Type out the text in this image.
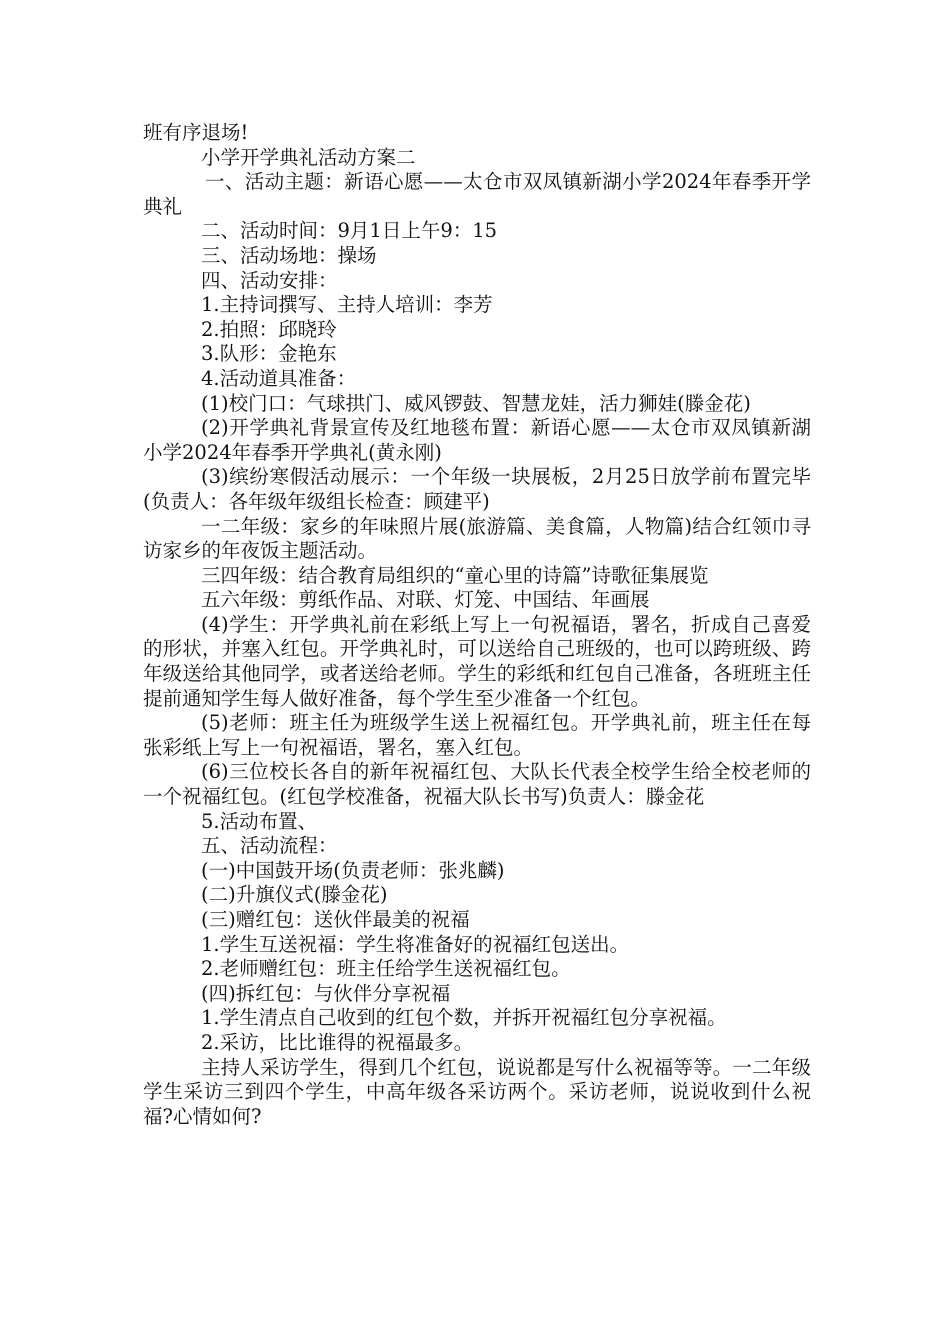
班有序退场!

小学开学典礼活动方案二

一、活动主题：新语心愿——太仓市双凤镇新湖小学2024年春季开学典礼

二、活动时间：9月1日上午9：15

三、活动场地：操场

四、活动安排：

1.主持词撰写、主持人培训：李芳

2.拍照：邱晓玲

3.队形：金艳东

4.活动道具准备：

(1)校门口：气球拱门、威风锣鼓、智慧龙娃，活力狮娃(滕金花)

(2)开学典礼背景宣传及红地毯布置：新语心愿——太仓市双凤镇新湖小学2024年春季开学典礼(黄永刚)

(3)缤纷寒假活动展示：一个年级一块展板，2月25日放学前布置完毕(负责人：各年级年级组长检查：顾建平)

一二年级：家乡的年味照片展(旅游篇、美食篇，人物篇)结合红领巾寻访家乡的年夜饭主题活动。

三四年级：结合教育局组织的“童心里的诗篇”诗歌征集展览

五六年级：剪纸作品、对联、灯笼、中国结、年画展

(4)学生：开学典礼前在彩纸上写上一句祝福语，署名，折成自己喜爱的形状，并塞入红包。开学典礼时，可以送给自己班级的，也可以跨班级、跨年级送给其他同学，或者送给老师。学生的彩纸和红包自己准备，各班班主任提前通知学生每人做好准备，每个学生至少准备一个红包。

(5)老师：班主任为班级学生送上祝福红包。开学典礼前，班主任在每张彩纸上写上一句祝福语，署名，塞入红包。

(6)三位校长各自的新年祝福红包、大队长代表全校学生给全校老师的一个祝福红包。(红包学校准备，祝福大队长书写)负责人：滕金花

5.活动布置、

五、活动流程：

(一)中国鼓开场(负责老师：张兆麟)

(二)升旗仪式(滕金花)

(三)赠红包：送伙伴最美的祝福

1.学生互送祝福：学生将准备好的祝福红包送出。

2.老师赠红包：班主任给学生送祝福红包。

(四)拆红包：与伙伴分享祝福

1.学生清点自己收到的红包个数，并拆开祝福红包分享祝福。

2.采访，比比谁得的祝福最多。

主持人采访学生，得到几个红包，说说都是写什么祝福等等。一二年级学生采访三到四个学生，中高年级各采访两个。采访老师，说说收到什么祝福?心情如何?
